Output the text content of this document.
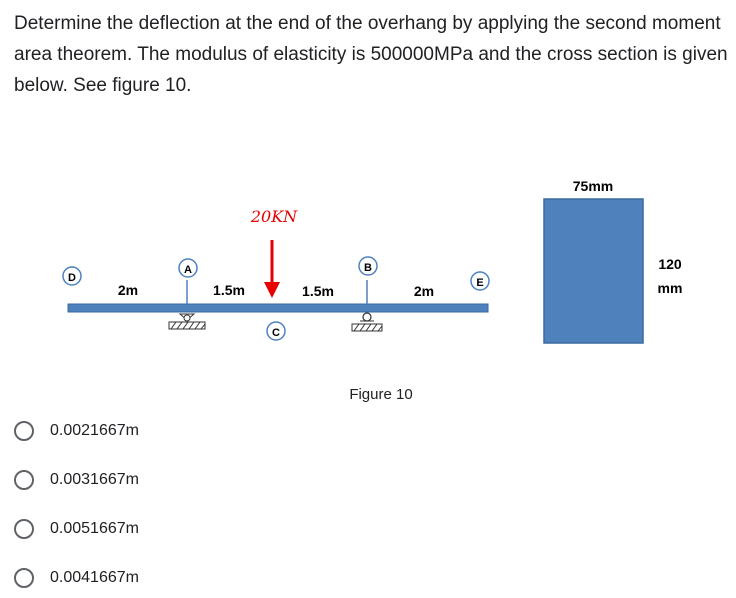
Determine the deflection at the end of the overhang by applying the second moment area theorem. The modulus of elasticity is 500000MPa and the cross section is given below. See figure 10.

20KN
D
A	B
C
E
2m	1.5m	1.5m	2m
75mm
120
mm
Figure 10
0.0021667m
0.0031667m
0.0051667m
0.0041667m
